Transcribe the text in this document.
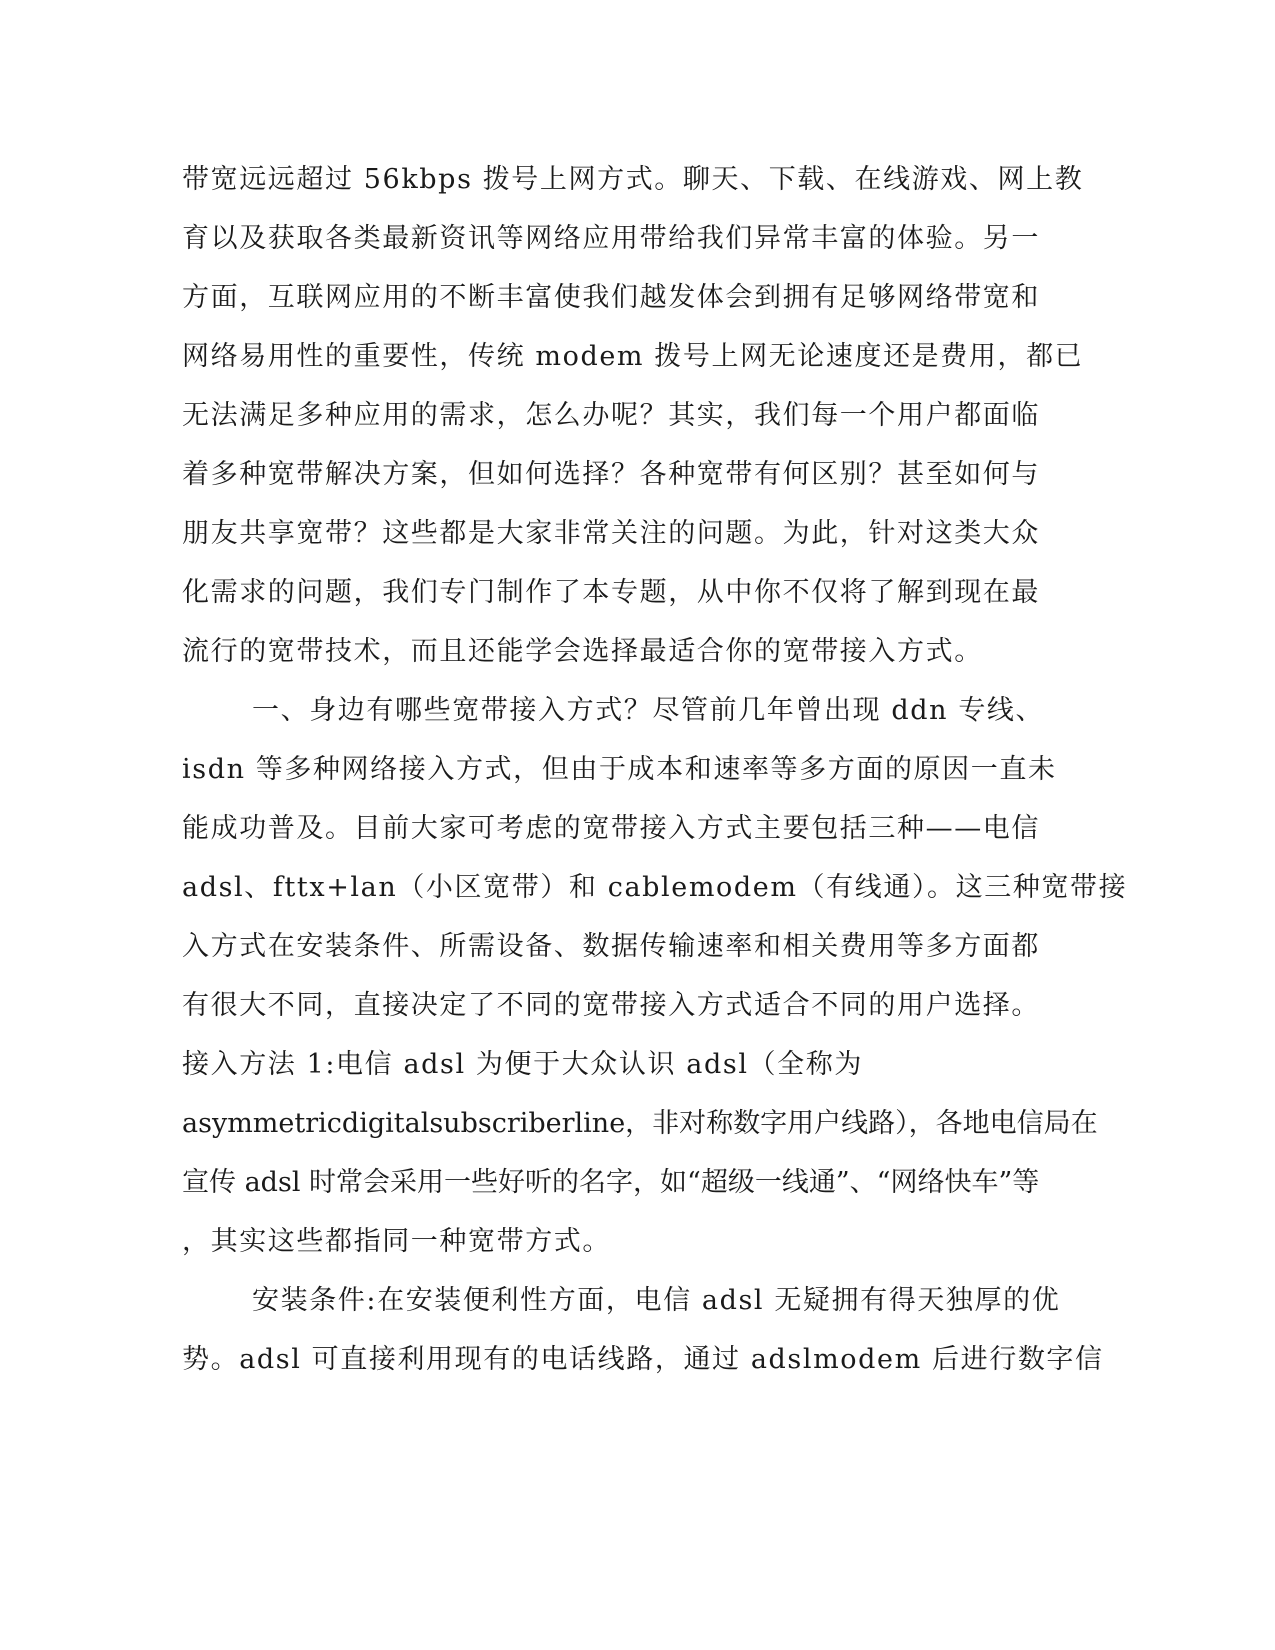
带宽远远超过 56kbps 拨号上网方式。聊天、下载、在线游戏、网上教
育以及获取各类最新资讯等网络应用带给我们异常丰富的体验。另一
方面，互联网应用的不断丰富使我们越发体会到拥有足够网络带宽和
网络易用性的重要性，传统 modem 拨号上网无论速度还是费用，都已
无法满足多种应用的需求，怎么办呢？其实，我们每一个用户都面临
着多种宽带解决方案，但如何选择？各种宽带有何区别？甚至如何与
朋友共享宽带？这些都是大家非常关注的问题。为此，针对这类大众
化需求的问题，我们专门制作了本专题，从中你不仅将了解到现在最
流行的宽带技术，而且还能学会选择最适合你的宽带接入方式。
一、身边有哪些宽带接入方式？尽管前几年曾出现 ddn 专线、
isdn 等多种网络接入方式，但由于成本和速率等多方面的原因一直未
能成功普及。目前大家可考虑的宽带接入方式主要包括三种——电信
adsl、fttx+lan（小区宽带）和 cablemodem（有线通）。这三种宽带接
入方式在安装条件、所需设备、数据传输速率和相关费用等多方面都
有很大不同，直接决定了不同的宽带接入方式适合不同的用户选择。
接入方法 1:电信 adsl 为便于大众认识 adsl（全称为
asymmetricdigitalsubscriberline，非对称数字用户线路），各地电信局在
宣传 adsl 时常会采用一些好听的名字，如“超级一线通”、“网络快车”等
，其实这些都指同一种宽带方式。
安装条件:在安装便利性方面，电信 adsl 无疑拥有得天独厚的优
势。adsl 可直接利用现有的电话线路，通过 adslmodem 后进行数字信
